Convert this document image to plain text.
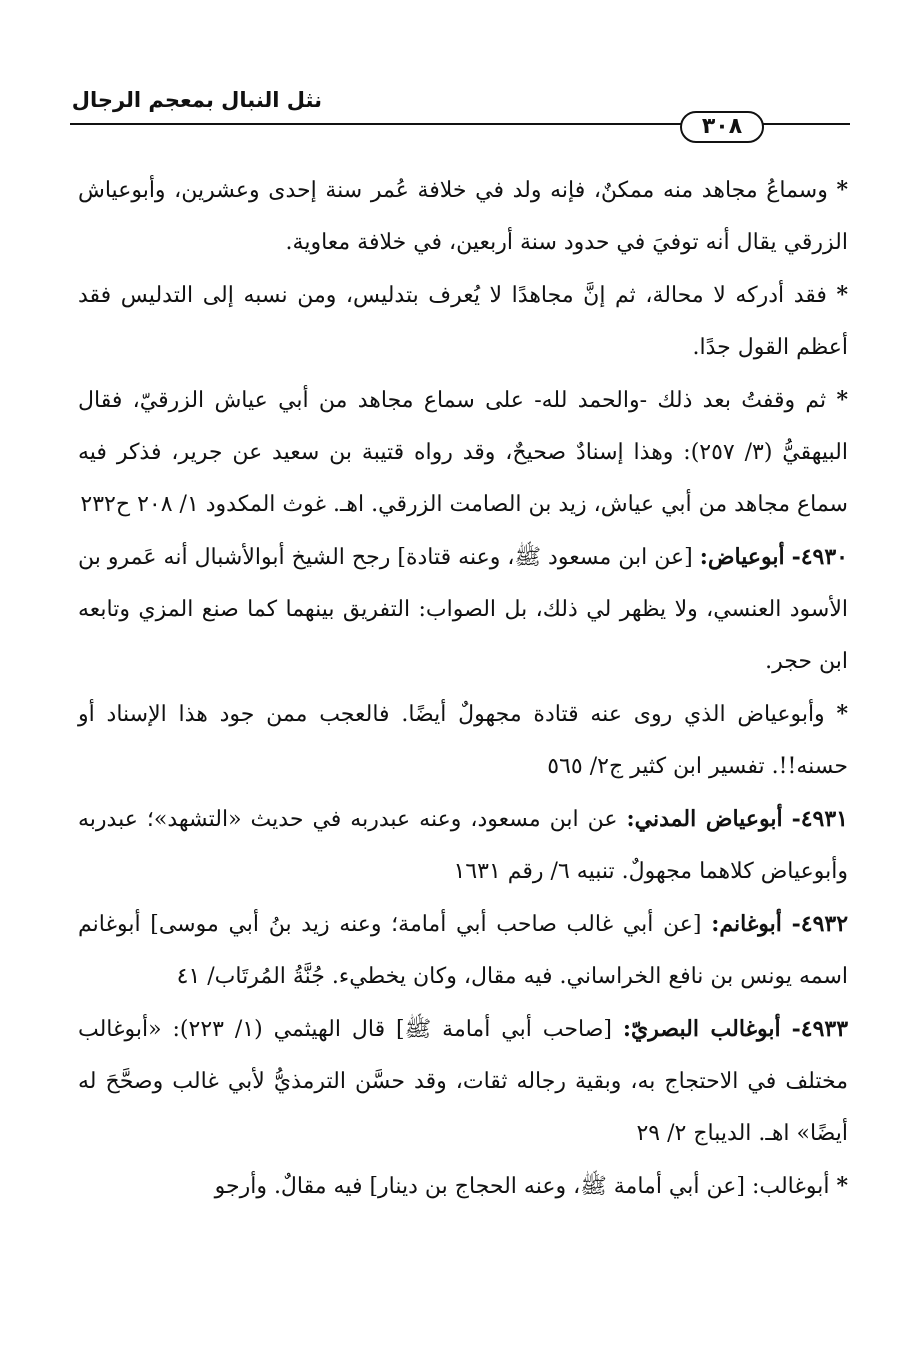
نثل النبال بمعجم الرجال
٣٠٨

* وسماعُ مجاهد منه ممكنٌ، فإنه ولد في خلافة عُمر سنة إحدى وعشرين، وأبوعياش الزرقي يقال أنه توفيَ في حدود سنة أربعين، في خلافة معاوية.

* فقد أدركه لا محالة، ثم إنَّ مجاهدًا لا يُعرف بتدليس، ومن نسبه إلى التدليس فقد أعظم القول جدًا.

* ثم وقفتُ بعد ذلك -والحمد لله- على سماع مجاهد من أبي عياش الزرقيّ، فقال البيهقيُّ (٣/ ٢٥٧): وهذا إسنادٌ صحيحٌ، وقد رواه قتيبة بن سعيد عن جرير، فذكر فيه سماع مجاهد من أبي عياش، زيد بن الصامت الزرقي. اهـ. غوث المكدود ١/ ٢٠٨ ح٢٣٢

٤٩٣٠- أبوعياض: [عن ابن مسعود ﷺ، وعنه قتادة] رجح الشيخ أبوالأشبال أنه عَمرو بن الأسود العنسي، ولا يظهر لي ذلك، بل الصواب: التفريق بينهما كما صنع المزي وتابعه ابن حجر.

* وأبوعياض الذي روى عنه قتادة مجهولٌ أيضًا. فالعجب ممن جود هذا الإسناد أو حسنه!!. تفسير ابن كثير ج٢/ ٥٦٥

٤٩٣١- أبوعياض المدني: عن ابن مسعود، وعنه عبدربه في حديث «التشهد»؛ عبدربه وأبوعياض كلاهما مجهولٌ. تنبيه ٦/ رقم ١٦٣١

٤٩٣٢- أبوغانم: [عن أبي غالب صاحب أبي أمامة؛ وعنه زيد بنُ أبي موسى] أبوغانم اسمه يونس بن نافع الخراساني. فيه مقال، وكان يخطيء. جُنَّةُ المُرتَاب/ ٤١

٤٩٣٣- أبوغالب البصريّ: [صاحب أبي أمامة ﷺ] قال الهيثمي (١/ ٢٢٣): «أبوغالب مختلف في الاحتجاج به، وبقية رجاله ثقات، وقد حسَّن الترمذيُّ لأبي غالب وصحَّحَ له أيضًا» اهـ. الديباج ٢/ ٢٩

* أبوغالب: [عن أبي أمامة ﷺ، وعنه الحجاج بن دينار] فيه مقالٌ. وأرجو
